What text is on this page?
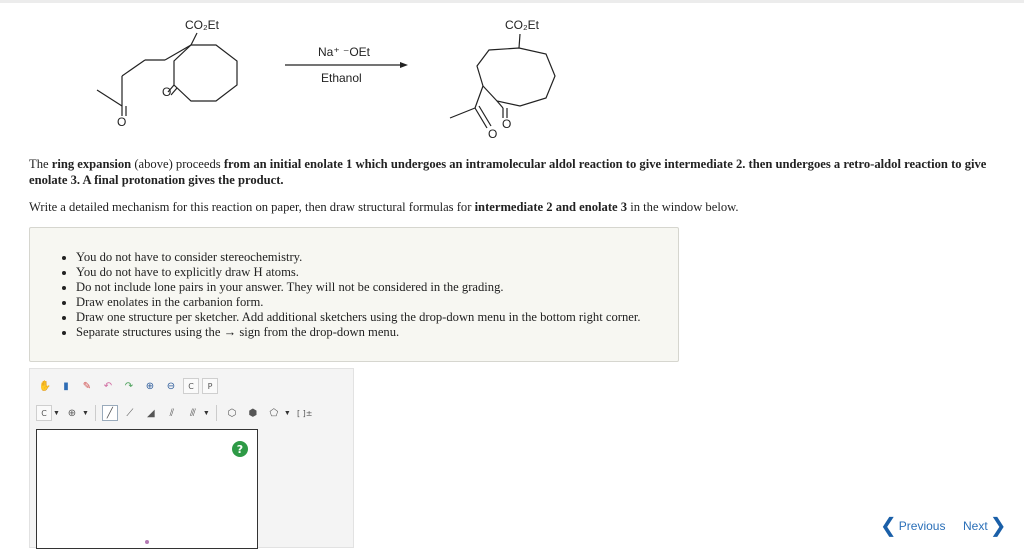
CO₂Et
O
O
Na⁺ ⁻OEt
Ethanol
CO₂Et
O
O

The ring expansion (above) proceeds from an initial enolate 1 which undergoes an intramolecular aldol reaction to give intermediate 2. then undergoes a retro-aldol reaction to give enolate 3. A final protonation gives the product.

Write a detailed mechanism for this reaction on paper, then draw structural formulas for intermediate 2 and enolate 3 in the window below.

• You do not have to consider stereochemistry.
• You do not have to explicitly draw H atoms.
• Do not include lone pairs in your answer. They will not be considered in the grading.
• Draw enolates in the carbanion form.
• Draw one structure per sketcher. Add additional sketchers using the drop-down menu in the bottom right corner.
• Separate structures using the → sign from the drop-down menu.
✋	▮	✎	↶	↷	⊕	⊖	C	P
C ▼ ⊕ ▼	╱	⟋	◢	⫽	⫻	▼	⬡	⬢	⬠ ▼ [ ]±
?
❮ Previous Next ❯
